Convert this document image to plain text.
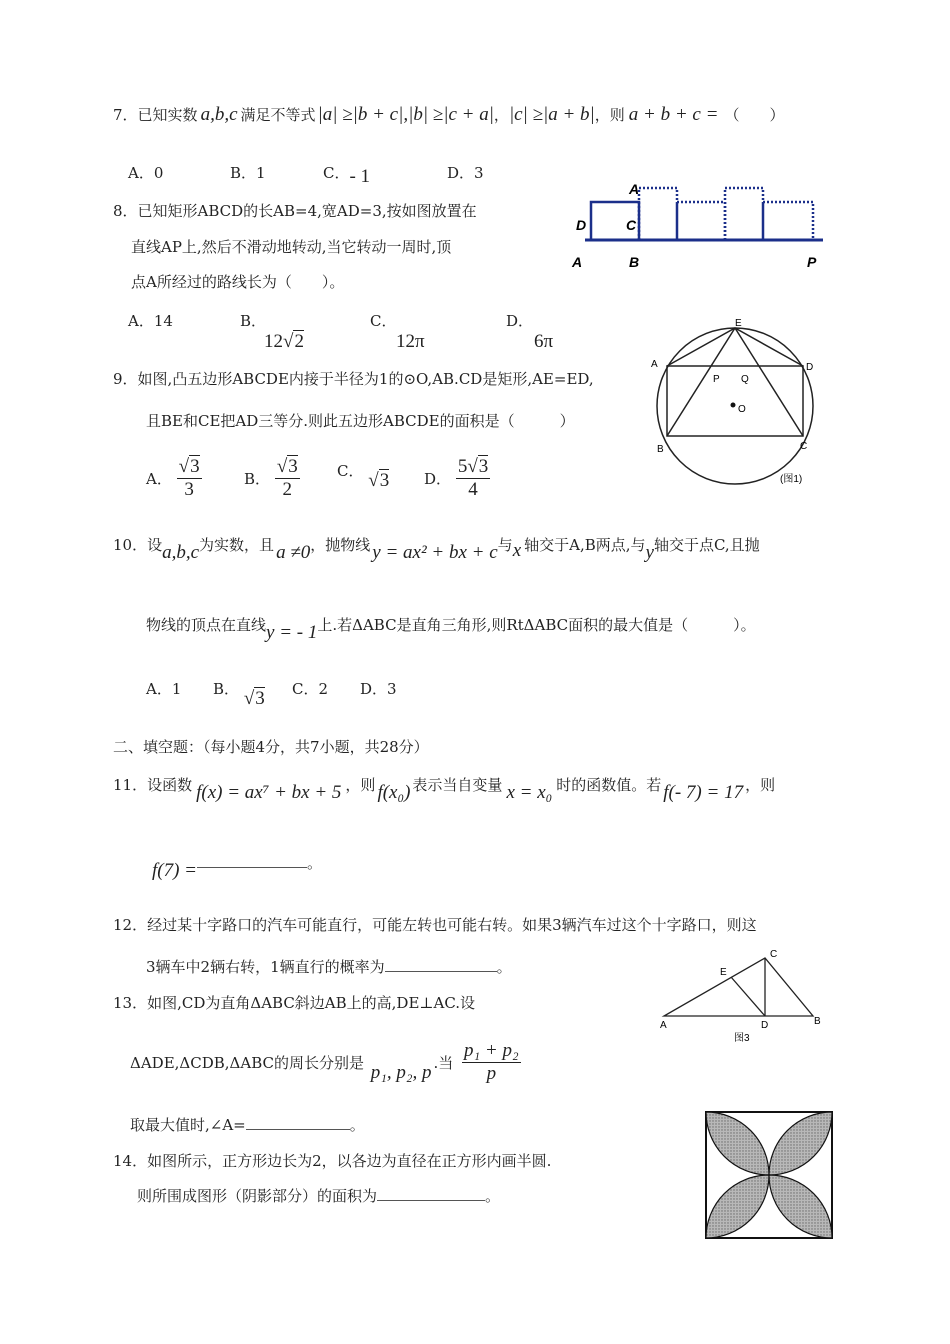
7．已知实数 a,b,c 满足不等式 |a| ≥|b + c|,|b| ≥|c + a|，|c| ≥|a + b|，则 a + b + c = （　　）
A．0	B．1	C．- 1	D．3
8．已知矩形ABCD的长AB=4,宽AD=3,按如图放置在
直线AP上,然后不滑动地转动,当它转动一周时,顶
点A所经过的路线长为（　　）。
A．14	B．
12√2
C．
12π
D．
6π
A
D	C
A	B	P
9．如图,凸五边形ABCDE内接于半径为1的⊙O,AB.CD是矩形,AE=ED,
且BE和CE把AD三等分.则此五边形ABCDE的面积是（　　　）
A． $\frac{√3}{3}$	B． $\frac{√3}{2}$ C． √3 D． $\frac{5√3}{4}$
E
A	D
P Q
O
B	C
(图1)
10．设a,b,c为实数，且 a ≠0，抛物线 y = ax² + bx + c与x 轴交于A,B两点,与y轴交于点C,且抛
物线的顶点在直线y = - 1上.若ΔABC是直角三角形,则RtΔABC面积的最大值是（　　　）。
A．1 B． √3 C．2 D．3
二、填空题：（每小题4分，共7小题，共28分）
11．设函数 f(x) = ax⁷ + bx + 5 ，则 f(x₀) 表示当自变量 x = x₀ 时的函数值。若 f(- 7) = 17 ，则
f(7) =	。
12．经过某十字路口的汽车可能直行，可能左转也可能右转。如果3辆汽车过这个十字路口，则这
3辆车中2辆右转，1辆直行的概率为	。
13．如图,CD为直角ΔABC斜边AB上的高,DE⊥AC.设
ΔADE,ΔCDB,ΔABC的周长分别是 p₁, p₂, p .当 $\frac{\text{p₁ + p₂}}{p}$
取最大值时,∠A=	。
C
E
A	D	B
图3
14．如图所示，正方形边长为2，以各边为直径在正方形内画半圆.
则所围成图形（阴影部分）的面积为	。
